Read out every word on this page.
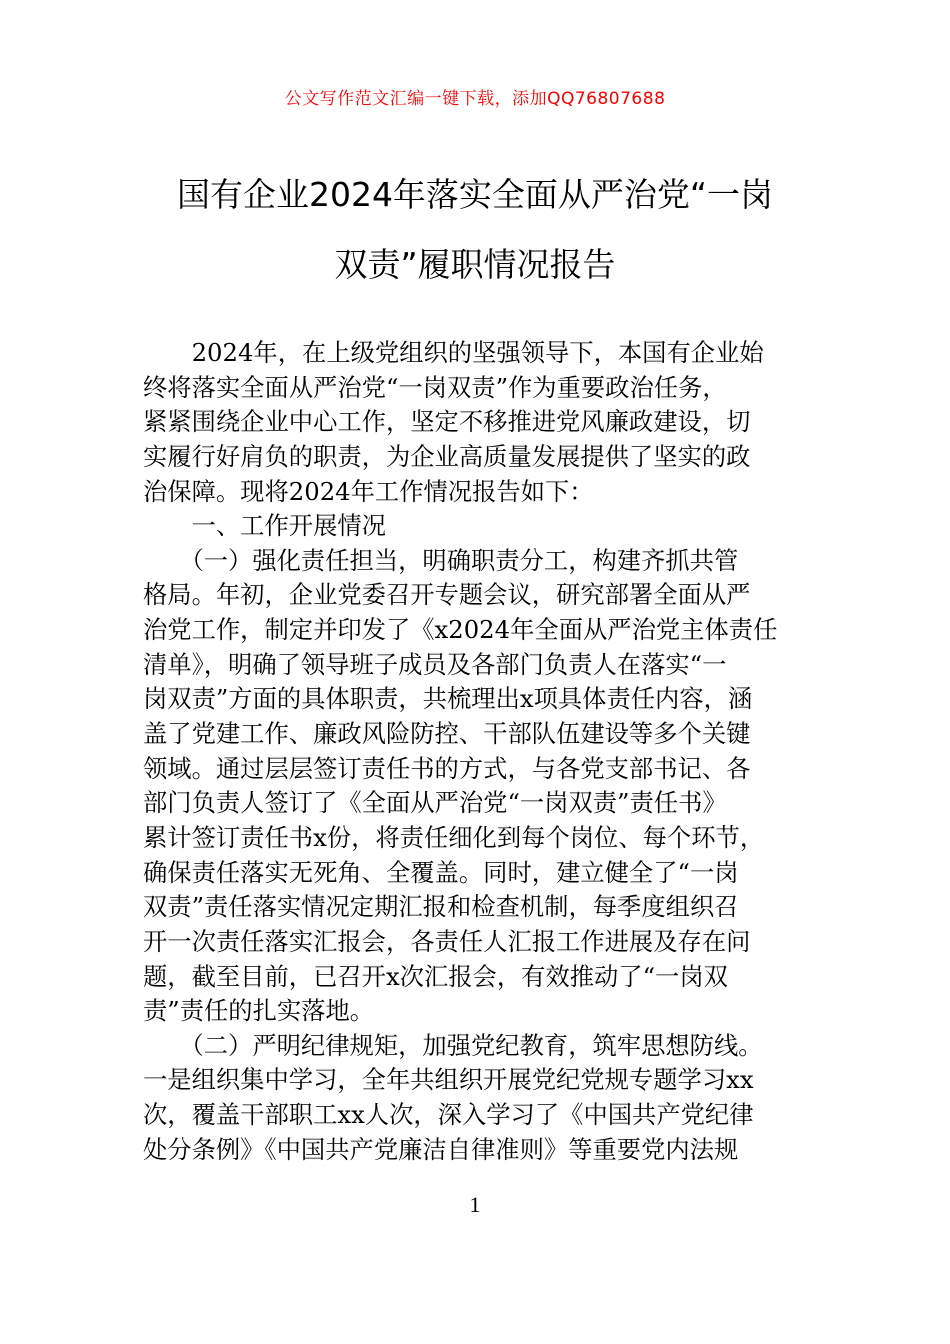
公文写作范文汇编一键下载，添加QQ76807688
国有企业2024年落实全面从严治党“一岗
双责”履职情况报告
　　2024年，在上级党组织的坚强领导下，本国有企业始
终将落实全面从严治党“一岗双责”作为重要政治任务，
紧紧围绕企业中心工作，坚定不移推进党风廉政建设，切
实履行好肩负的职责，为企业高质量发展提供了坚实的政
治保障。现将2024年工作情况报告如下：
　　一、工作开展情况
　　（一）强化责任担当，明确职责分工，构建齐抓共管
格局。年初，企业党委召开专题会议，研究部署全面从严
治党工作，制定并印发了《x2024年全面从严治党主体责任
清单》，明确了领导班子成员及各部门负责人在落实“一
岗双责”方面的具体职责，共梳理出x项具体责任内容，涵
盖了党建工作、廉政风险防控、干部队伍建设等多个关键
领域。通过层层签订责任书的方式，与各党支部书记、各
部门负责人签订了《全面从严治党“一岗双责”责任书》
累计签订责任书x份，将责任细化到每个岗位、每个环节，
确保责任落实无死角、全覆盖。同时，建立健全了“一岗
双责”责任落实情况定期汇报和检查机制，每季度组织召
开一次责任落实汇报会，各责任人汇报工作进展及存在问
题，截至目前，已召开x次汇报会，有效推动了“一岗双
责”责任的扎实落地。
　　（二）严明纪律规矩，加强党纪教育，筑牢思想防线。
一是组织集中学习，全年共组织开展党纪党规专题学习xx
次，覆盖干部职工xx人次，深入学习了《中国共产党纪律
处分条例》《中国共产党廉洁自律准则》等重要党内法规
1
